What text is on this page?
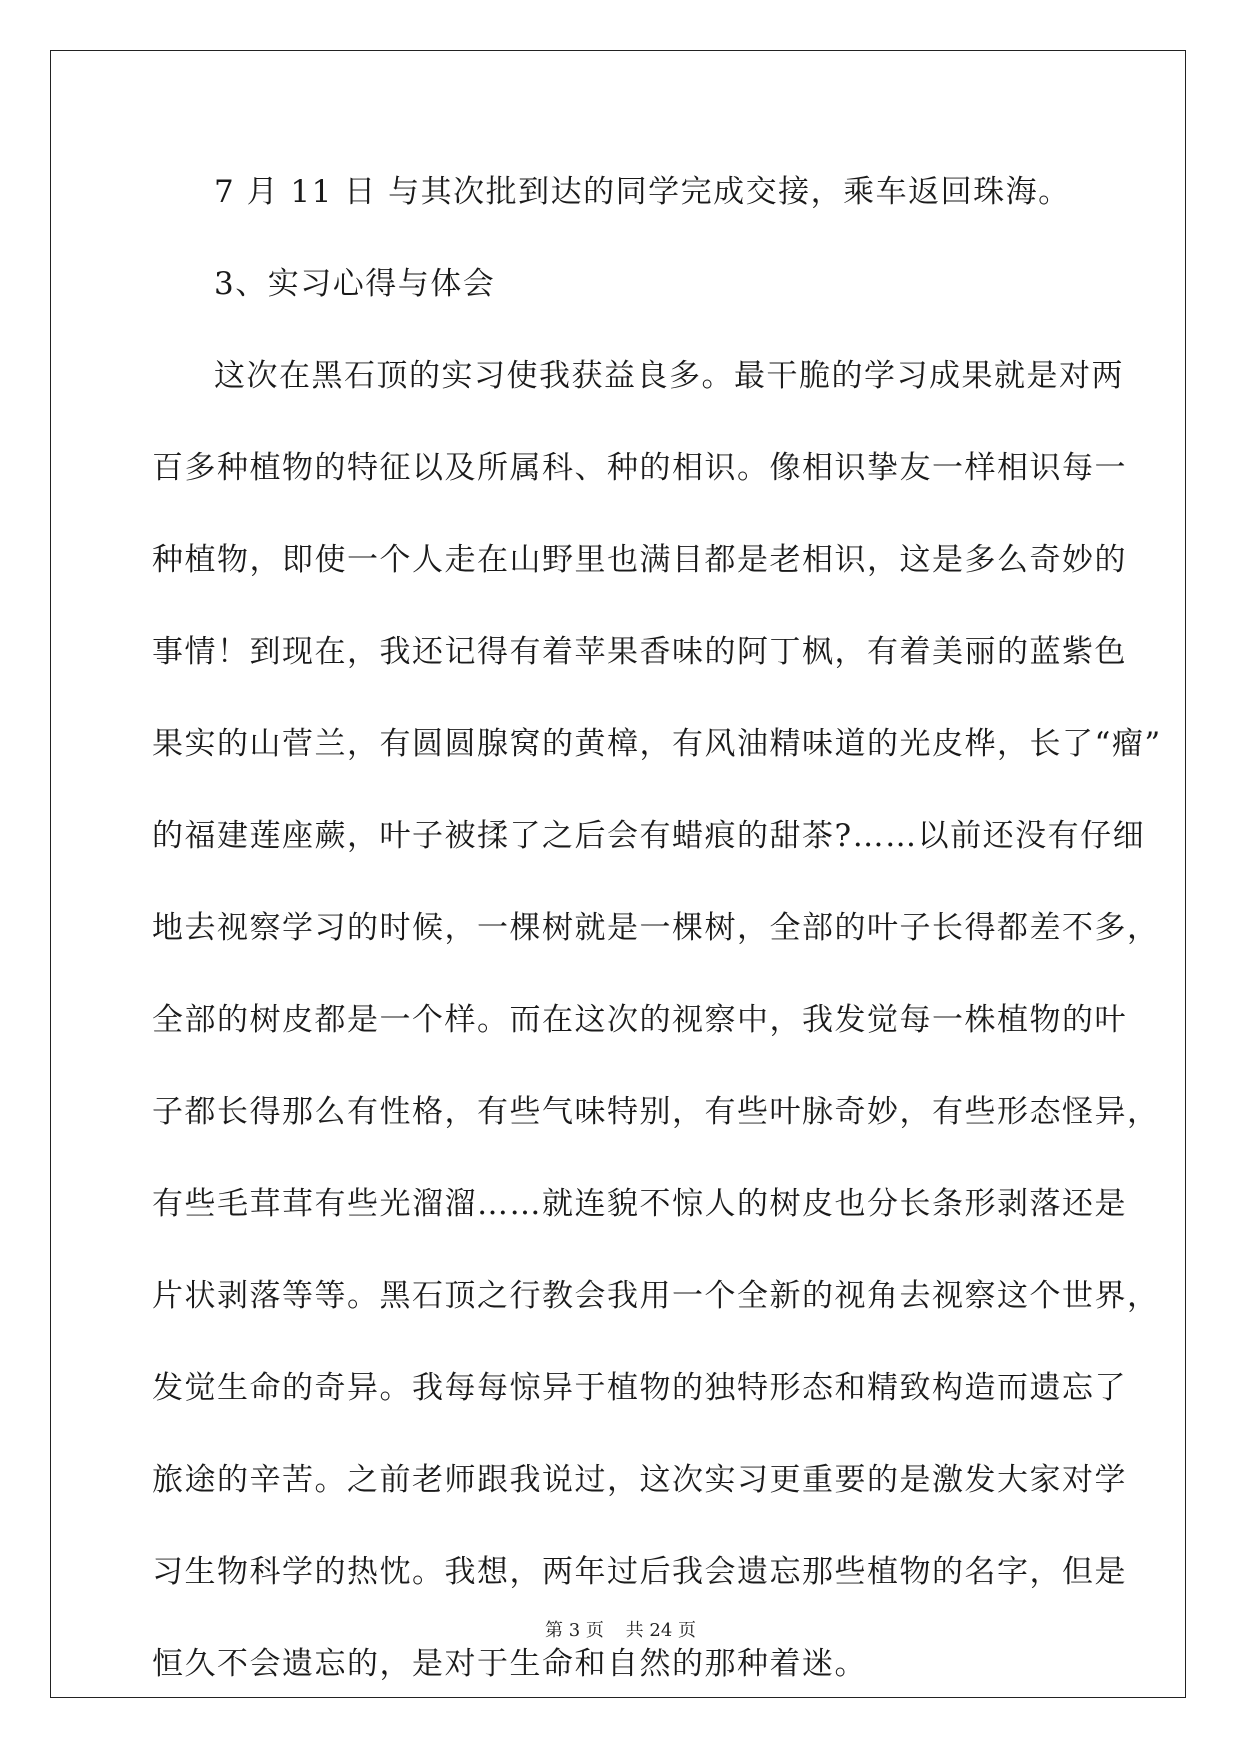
7 月 11 日 与其次批到达的同学完成交接，乘车返回珠海。
3、实习心得与体会
这次在黑石顶的实习使我获益良多。最干脆的学习成果就是对两
百多种植物的特征以及所属科、种的相识。像相识挚友一样相识每一
种植物，即使一个人走在山野里也满目都是老相识，这是多么奇妙的
事情！到现在，我还记得有着苹果香味的阿丁枫，有着美丽的蓝紫色
果实的山菅兰，有圆圆腺窝的黄樟，有风油精味道的光皮桦，长了“瘤”
的福建莲座蕨，叶子被揉了之后会有蜡痕的甜茶?……以前还没有仔细
地去视察学习的时候，一棵树就是一棵树，全部的叶子长得都差不多，
全部的树皮都是一个样。而在这次的视察中，我发觉每一株植物的叶
子都长得那么有性格，有些气味特别，有些叶脉奇妙，有些形态怪异，
有些毛茸茸有些光溜溜……就连貌不惊人的树皮也分长条形剥落还是
片状剥落等等。黑石顶之行教会我用一个全新的视角去视察这个世界，
发觉生命的奇异。我每每惊异于植物的独特形态和精致构造而遗忘了
旅途的辛苦。之前老师跟我说过，这次实习更重要的是激发大家对学
习生物科学的热忱。我想，两年过后我会遗忘那些植物的名字，但是
恒久不会遗忘的，是对于生命和自然的那种着迷。
第 3 页 共 24 页
